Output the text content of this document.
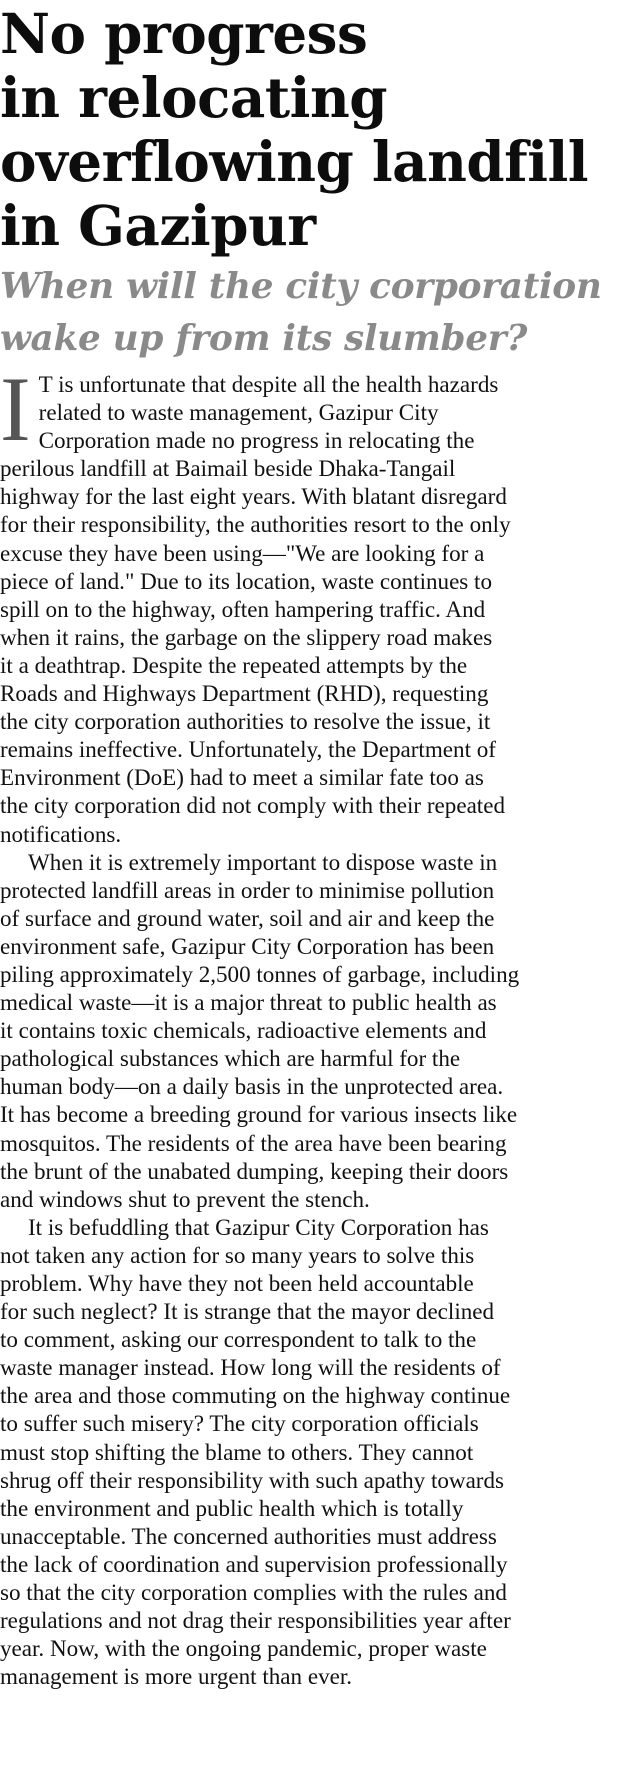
No progress
in relocating
overflowing landfill
in Gazipur
When will the city corporation
wake up from its slumber?
I T is unfortunate that despite all the health hazards
related to waste management, Gazipur City
Corporation made no progress in relocating the
perilous landfill at Baimail beside Dhaka-Tangail
highway for the last eight years. With blatant disregard
for their responsibility, the authorities resort to the only
excuse they have been using—"We are looking for a
piece of land." Due to its location, waste continues to
spill on to the highway, often hampering traffic. And
when it rains, the garbage on the slippery road makes
it a deathtrap. Despite the repeated attempts by the
Roads and Highways Department (RHD), requesting
the city corporation authorities to resolve the issue, it
remains ineffective. Unfortunately, the Department of
Environment (DoE) had to meet a similar fate too as
the city corporation did not comply with their repeated
notifications.
When it is extremely important to dispose waste in
protected landfill areas in order to minimise pollution
of surface and ground water, soil and air and keep the
environment safe, Gazipur City Corporation has been
piling approximately 2,500 tonnes of garbage, including
medical waste—it is a major threat to public health as
it contains toxic chemicals, radioactive elements and
pathological substances which are harmful for the
human body—on a daily basis in the unprotected area.
It has become a breeding ground for various insects like
mosquitos. The residents of the area have been bearing
the brunt of the unabated dumping, keeping their doors
and windows shut to prevent the stench.
It is befuddling that Gazipur City Corporation has
not taken any action for so many years to solve this
problem. Why have they not been held accountable
for such neglect? It is strange that the mayor declined
to comment, asking our correspondent to talk to the
waste manager instead. How long will the residents of
the area and those commuting on the highway continue
to suffer such misery? The city corporation officials
must stop shifting the blame to others. They cannot
shrug off their responsibility with such apathy towards
the environment and public health which is totally
unacceptable. The concerned authorities must address
the lack of coordination and supervision professionally
so that the city corporation complies with the rules and
regulations and not drag their responsibilities year after
year. Now, with the ongoing pandemic, proper waste
management is more urgent than ever.
